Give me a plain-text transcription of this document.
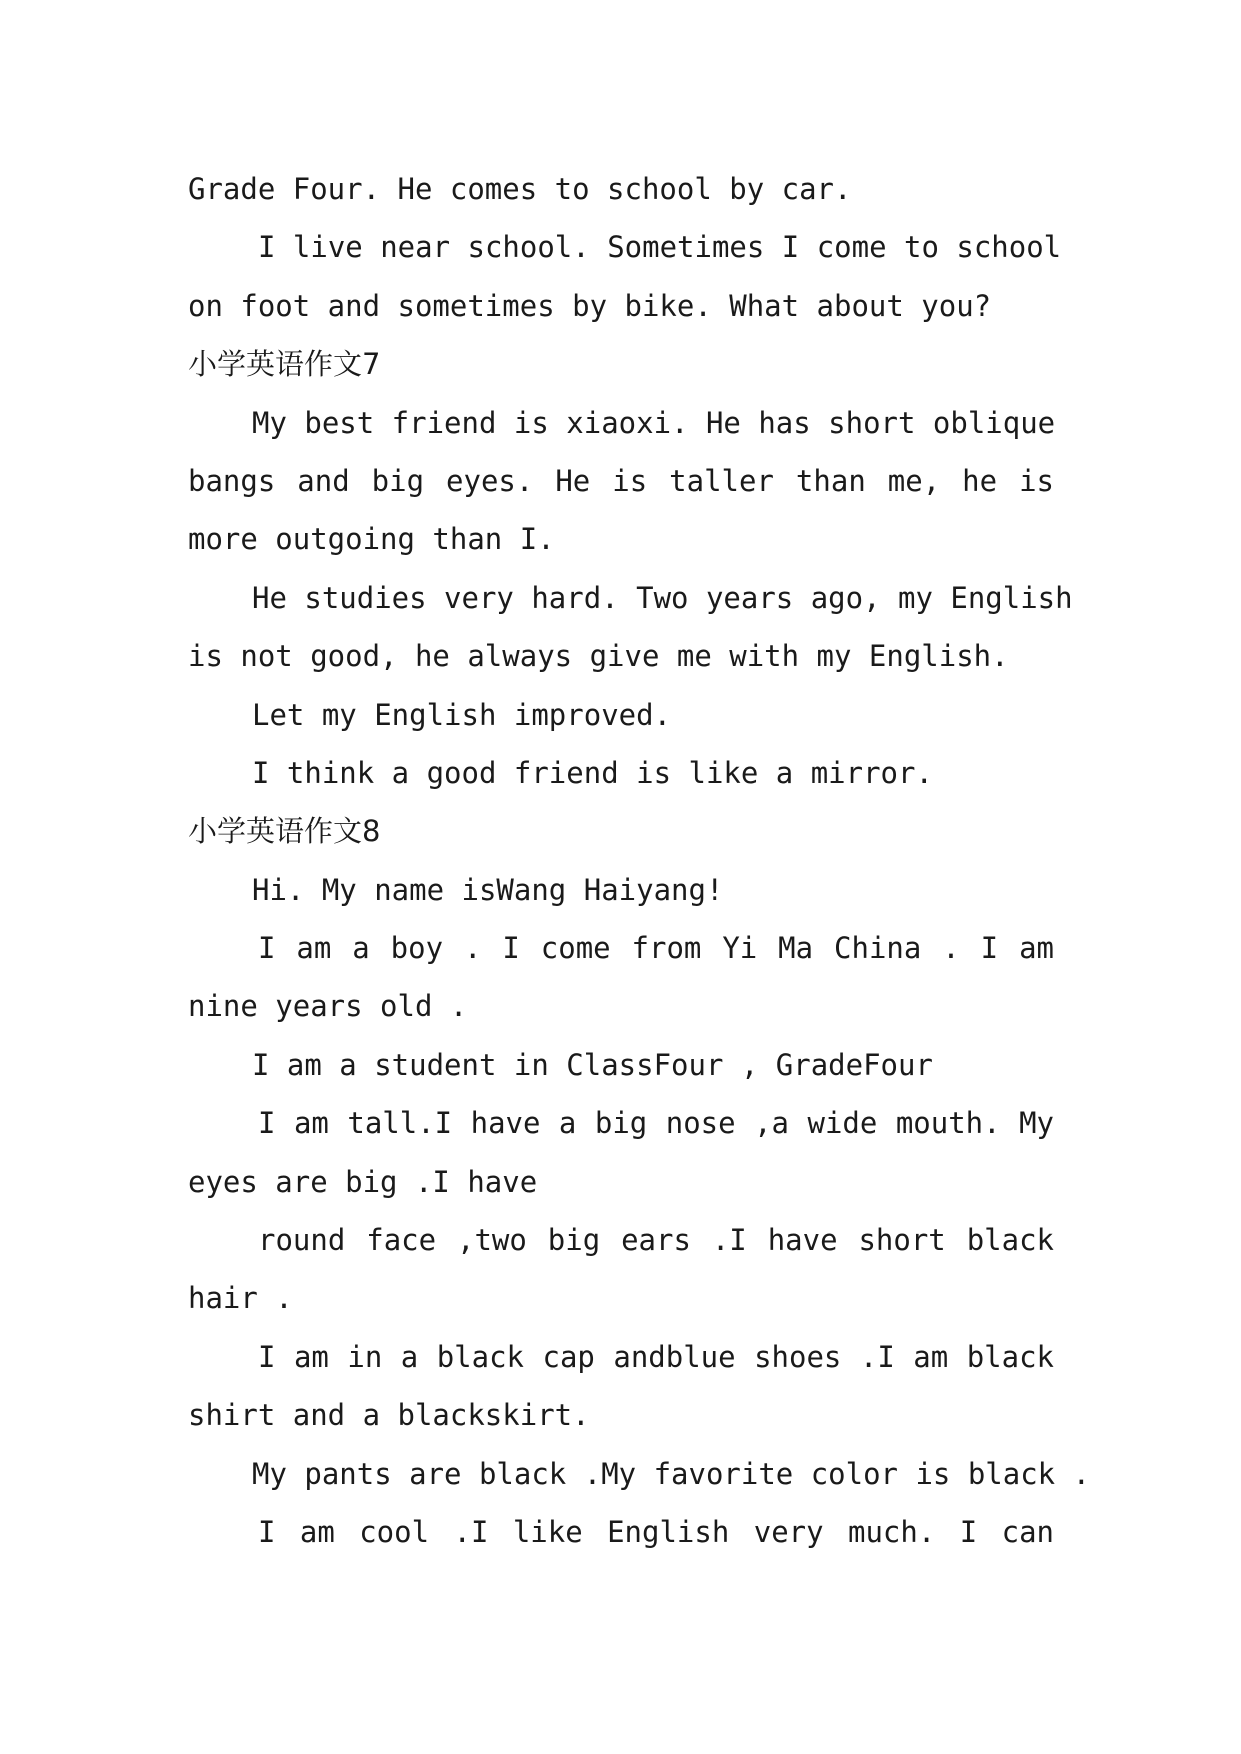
Grade Four. He comes to school by car.
I live near school. Sometimes I come to school
on foot and sometimes by bike. What about you?
小学英语作文7
My best friend is xiaoxi. He has short oblique
bangs and big eyes. He is taller than me, he is
more outgoing than I.
He studies very hard. Two years ago, my English
is not good, he always give me with my English.
Let my English improved.
I think a good friend is like a mirror.
小学英语作文8
Hi. My name isWang Haiyang!
I am a boy . I come from Yi Ma China . I am
nine years old .
I am a student in ClassFour , GradeFour
I am tall.I have a big nose ,a wide mouth. My
eyes are big .I have
round face ,two big ears .I have short black
hair .
I am in a black cap andblue shoes .I am black
shirt and a blackskirt.
My pants are black .My favorite color is black .
I am cool .I like English very much. I can
